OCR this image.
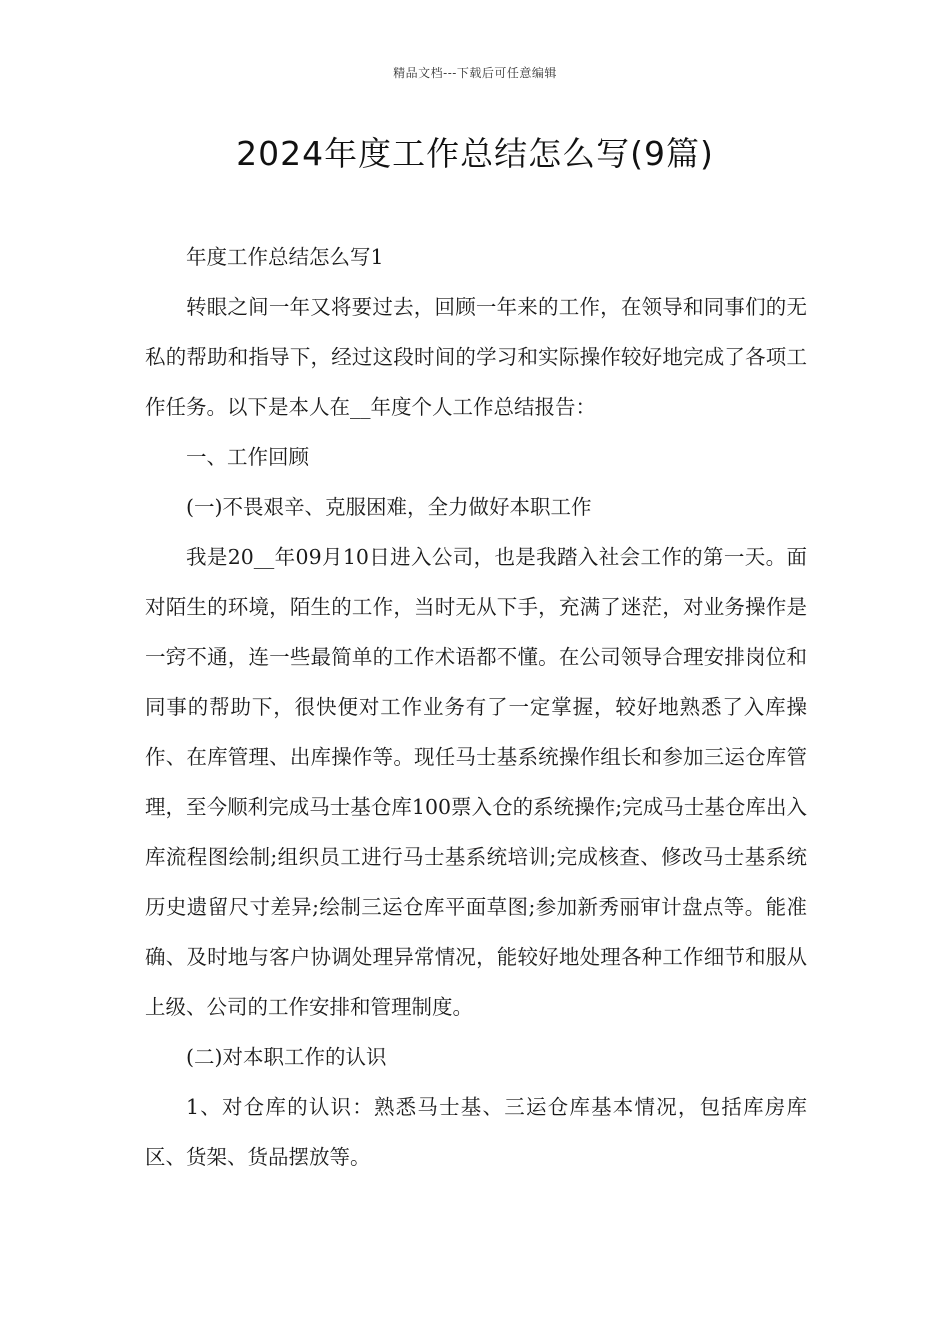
精品文档---下载后可任意编辑
2024年度工作总结怎么写(9篇)

年度工作总结怎么写1

转眼之间一年又将要过去，回顾一年来的工作，在领导和同事们的无私的帮助和指导下，经过这段时间的学习和实际操作较好地完成了各项工作任务。以下是本人在__年度个人工作总结报告：

一、工作回顾

(一)不畏艰辛、克服困难，全力做好本职工作

我是20__年09月10日进入公司，也是我踏入社会工作的第一天。面对陌生的环境，陌生的工作，当时无从下手，充满了迷茫，对业务操作是一窍不通，连一些最简单的工作术语都不懂。在公司领导合理安排岗位和同事的帮助下，很快便对工作业务有了一定掌握，较好地熟悉了入库操作、在库管理、出库操作等。现任马士基系统操作组长和参加三运仓库管理，至今顺利完成马士基仓库100票入仓的系统操作;完成马士基仓库出入库流程图绘制;组织员工进行马士基系统培训;完成核查、修改马士基系统历史遗留尺寸差异;绘制三运仓库平面草图;参加新秀丽审计盘点等。能准确、及时地与客户协调处理异常情况，能较好地处理各种工作细节和服从上级、公司的工作安排和管理制度。

(二)对本职工作的认识

1、对仓库的认识：熟悉马士基、三运仓库基本情况，包括库房库区、货架、货品摆放等。
